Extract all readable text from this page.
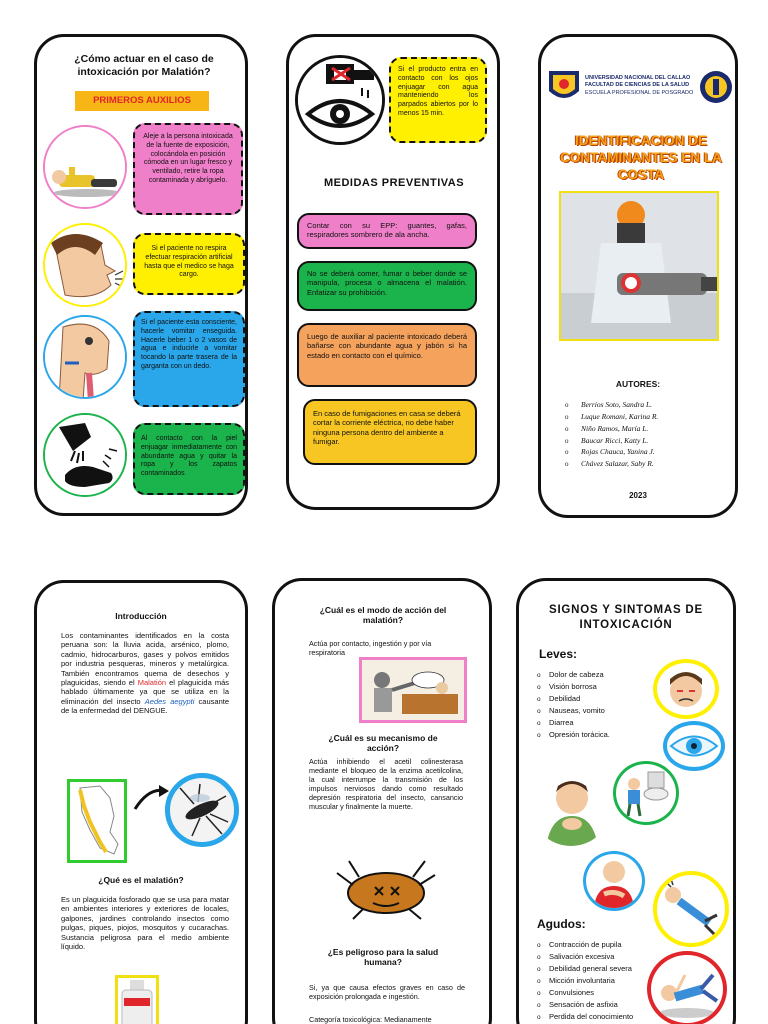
¿Cómo actuar en el caso de intoxicación por Malatión?
PRIMEROS AUXILIOS
Aleje a la persona intoxicada de la fuente de exposición, colocándola en posición cómoda en un lugar fresco y ventilado, retire la ropa contaminada y abríguelo.
Si el paciente no respira efectuar respiración artificial hasta que el medico se haga cargo.
Si el paciente esta consciente, hacerle vomitar enseguida. Hacerle beber 1 o 2 vasos de agua e inducirle a vomitar tocando la parte trasera de la garganta con un dedo.
Al contacto con la piel enjuagar inmediatamente con abundante agua y quitar la ropa y los zapatos contaminados
Si el producto entra en contacto con los ojos enjuagar con agua manteniendo los parpados abiertos por lo menos 15 min.
MEDIDAS PREVENTIVAS
Contar con su EPP: guantes, gafas, respiradores sombrero de ala ancha.
No se deberá comer, fumar o beber donde se manipula, procesa o almacena el malatión. Enfatizar su prohibición.
Luego de auxiliar al paciente intoxicado deberá bañarse con abundante agua y jabón si ha estado en contacto con el químico.
En caso de fumigaciones en casa se deberá cortar la corriente eléctrica, no debe haber ninguna persona dentro del ambiente a fumigar.
UNIVERSIDAD NACIONAL DEL CALLAO
FACULTAD DE CIENCIAS DE LA SALUD
ESCUELA PROFESIONAL DE POSGRADO
IDENTIFICACION DE CONTAMINANTES EN LA COSTA
AUTORES:
o Berrios Soto, Sandra L.
o Luque Romani, Karina R.
o Niño Ramos, María L.
o Baucar Ricci, Katty L.
o Rojas Chauca, Yanina J.
o Chávez Salazar, Saby R.
2023
Introducción
Los contaminantes identificados en la costa peruana son: la lluvia acida, arsénico, plomo, cadmio, hidrocarburos, gases y polvos emitidos por industria pesqueras, mineros y metalúrgica. También encontramos quema de desechos y plaguicidas, siendo el Malatión el plaguicida más hablado últimamente ya que se utiliza en la eliminación del insecto Aedes aegypti causante de la enfermedad del DENGUE.
¿Qué es el malatión?
Es un plaguicida fosforado que se usa para matar en ambientes interiores y exteriores de locales, galpones, jardines controlando insectos como pulgas, piques, piojos, mosquitos y cucarachas. Sustancia peligrosa para el medio ambiente líquido.
¿Cuál es el modo de acción del malatión?
Actúa por contacto, ingestión y por vía respiratoria
¿Cuál es su mecanismo de acción?
Actúa inhibiendo el acetil colinesterasa mediante el bloqueo de la enzima acetilcolina, la cual interrumpe la transmisión de los impulsos nerviosos dando como resultado depresión respiratoria del insecto, cansancio muscular y finalmente la muerte.
¿Es peligroso para la salud humana?
Si, ya que causa efectos graves en caso de exposición prolongada e ingestión.
Categoría toxicológica: Medianamente
SIGNOS Y SINTOMAS DE INTOXICACIÓN
Leves:
o Dolor de cabeza
o Visión borrosa
o Debilidad
o Nauseas, vomito
o Diarrea
o Opresión torácica.
Agudos:
o Contracción de pupila
o Salivación excesiva
o Debilidad general severa
o Micción involuntaria
o Convulsiones
o Sensación de asfixia
o Perdida del conocimiento
